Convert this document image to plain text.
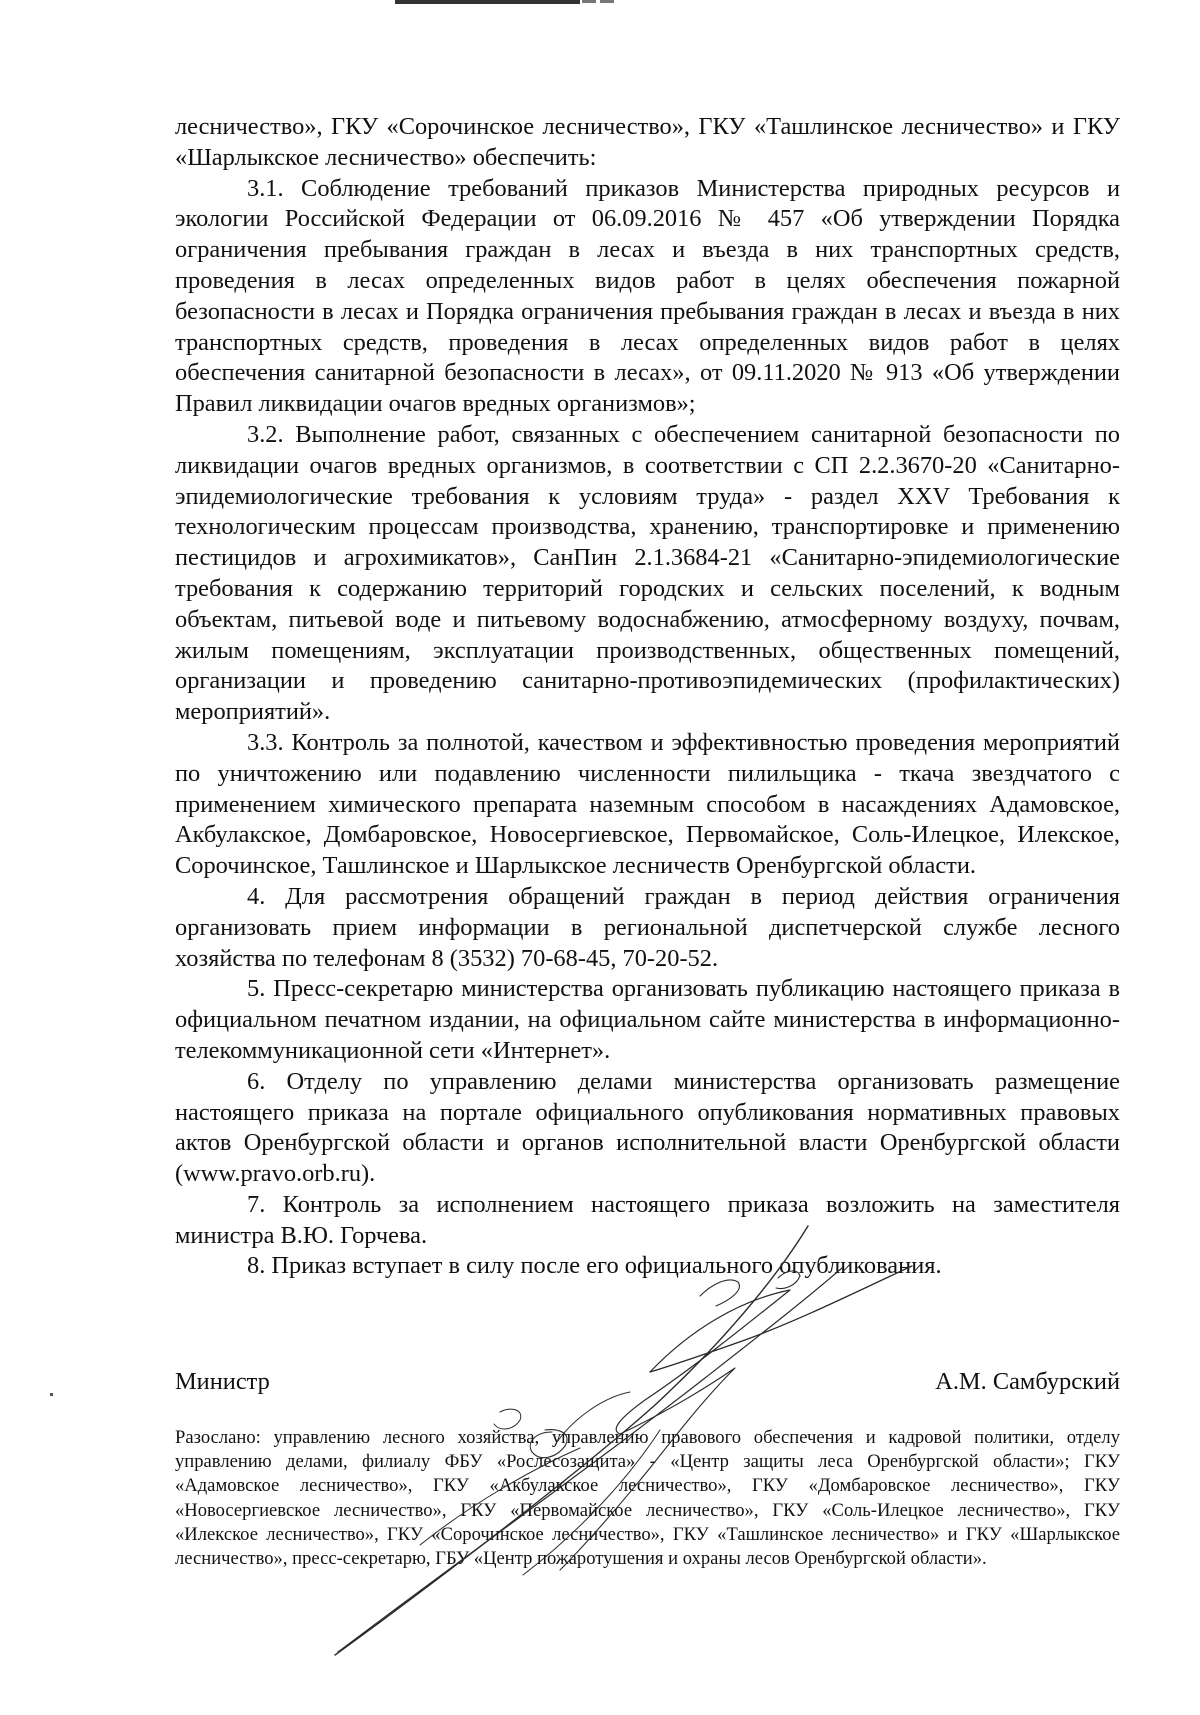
лесничество», ГКУ «Сорочинское лесничество», ГКУ «Ташлинское лесничество» и ГКУ «Шарлыкское лесничество» обеспечить:

3.1. Соблюдение требований приказов Министерства природных ресурсов и экологии Российской Федерации от 06.09.2016 № 457 «Об утверждении Порядка ограничения пребывания граждан в лесах и въезда в них транспортных средств, проведения в лесах определенных видов работ в целях обеспечения пожарной безопасности в лесах и Порядка ограничения пребывания граждан в лесах и въезда в них транспортных средств, проведения в лесах определенных видов работ в целях обеспечения санитарной безопасности в лесах», от 09.11.2020 № 913 «Об утверждении Правил ликвидации очагов вредных организмов»;

3.2. Выполнение работ, связанных с обеспечением санитарной безопасности по ликвидации очагов вредных организмов, в соответствии с СП 2.2.3670-20 «Санитарно-эпидемиологические требования к условиям труда» - раздел XXV Требования к технологическим процессам производства, хранению, транспортировке и применению пестицидов и агрохимикатов», СанПин 2.1.3684-21 «Санитарно-эпидемиологические требования к содержанию территорий городских и сельских поселений, к водным объектам, питьевой воде и питьевому водоснабжению, атмосферному воздуху, почвам, жилым помещениям, эксплуатации производственных, общественных помещений, организации и проведению санитарно-противоэпидемических (профилактических) мероприятий».

3.3. Контроль за полнотой, качеством и эффективностью проведения мероприятий по уничтожению или подавлению численности пилильщика - ткача звездчатого с применением химического препарата наземным способом в насаждениях Адамовское, Акбулакское, Домбаровское, Новосергиевское, Первомайское, Соль-Илецкое, Илекское, Сорочинское, Ташлинское и Шарлыкское лесничеств Оренбургской области.

4. Для рассмотрения обращений граждан в период действия ограничения организовать прием информации в региональной диспетчерской службе лесного хозяйства по телефонам 8 (3532) 70-68-45, 70-20-52.

5. Пресс-секретарю министерства организовать публикацию настоящего приказа в официальном печатном издании, на официальном сайте министерства в информационно-телекоммуникационной сети «Интернет».

6. Отделу по управлению делами министерства организовать размещение настоящего приказа на портале официального опубликования нормативных правовых актов Оренбургской области и органов исполнительной власти Оренбургской области (www.pravo.orb.ru).

7. Контроль за исполнением настоящего приказа возложить на заместителя министра В.Ю. Горчева.

8. Приказ вступает в силу после его официального опубликования.

Министр	А.М. Самбурский
Разослано: управлению лесного хозяйства, управлению правового обеспечения и кадровой политики, отделу управлению делами, филиалу ФБУ «Рослесозащита» - «Центр защиты леса Оренбургской области»; ГКУ «Адамовское лесничество», ГКУ «Акбулакское лесничество», ГКУ «Домбаровское лесничество», ГКУ «Новосергиевское лесничество», ГКУ «Первомайское лесничество», ГКУ «Соль-Илецкое лесничество», ГКУ «Илекское лесничество», ГКУ «Сорочинское лесничество», ГКУ «Ташлинское лесничество» и ГКУ «Шарлыкское лесничество», пресс-секретарю, ГБУ «Центр пожаротушения и охраны лесов Оренбургской области».
